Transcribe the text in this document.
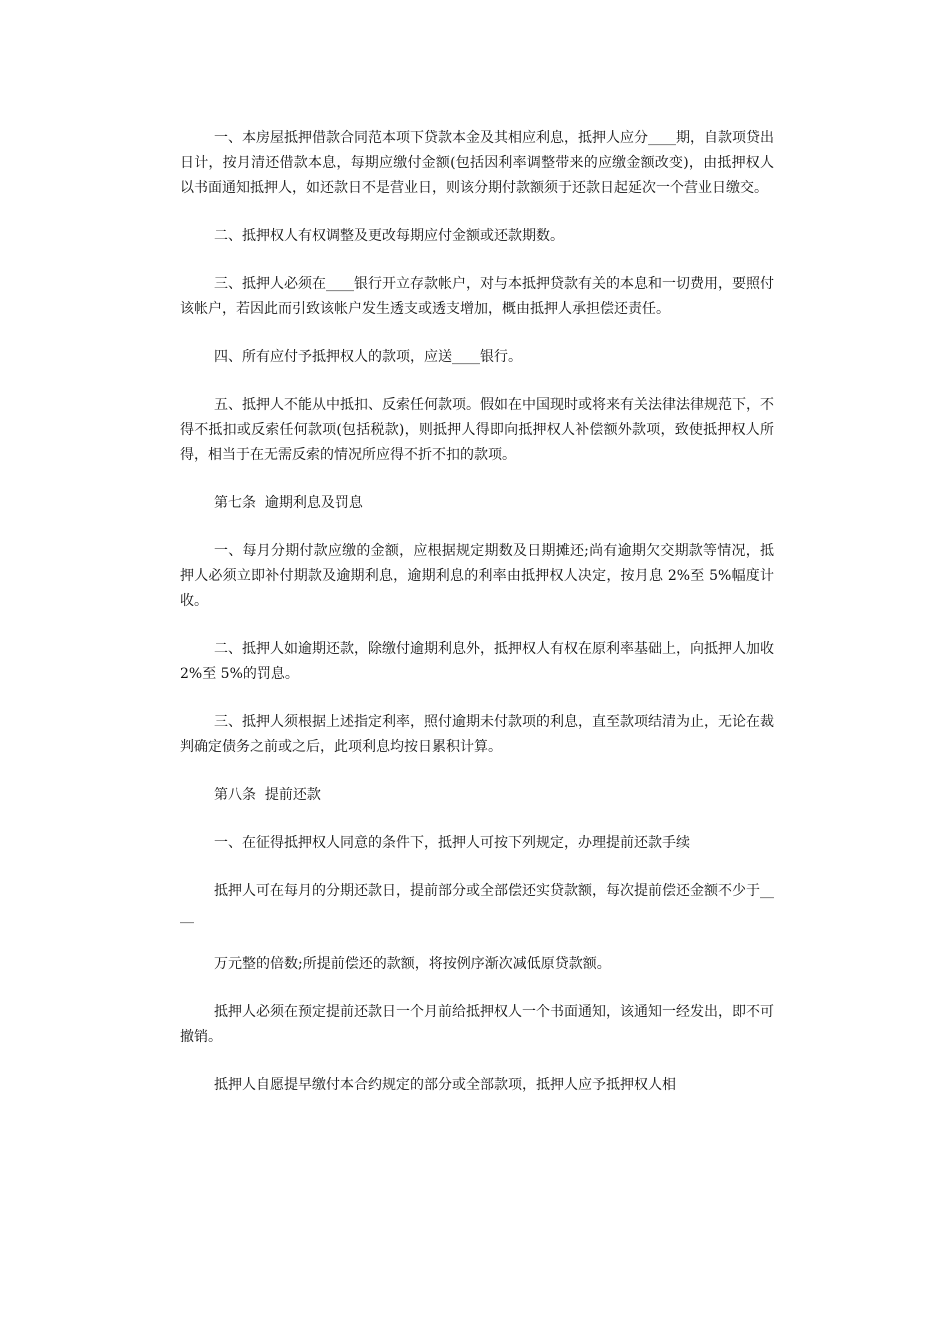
一、本房屋抵押借款合同范本项下贷款本金及其相应利息，抵押人应分____期，自款项贷出日计，按月清还借款本息，每期应缴付金额(包括因利率调整带来的应缴金额改变)，由抵押权人以书面通知抵押人，如还款日不是营业日，则该分期付款额须于还款日起延次一个营业日缴交。

二、抵押权人有权调整及更改每期应付金额或还款期数。

三、抵押人必须在____银行开立存款帐户，对与本抵押贷款有关的本息和一切费用，要照付该帐户，若因此而引致该帐户发生透支或透支增加，概由抵押人承担偿还责任。

四、所有应付予抵押权人的款项，应送____银行。

五、抵押人不能从中抵扣、反索任何款项。假如在中国现时或将来有关法律法律规范下，不得不抵扣或反索任何款项(包括税款)，则抵押人得即向抵押权人补偿额外款项，致使抵押权人所得，相当于在无需反索的情况所应得不折不扣的款项。

第七条  逾期利息及罚息

一、每月分期付款应缴的金额，应根据规定期数及日期摊还;尚有逾期欠交期款等情况，抵押人必须立即补付期款及逾期利息，逾期利息的利率由抵押权人决定，按月息 2%至 5%幅度计收。

二、抵押人如逾期还款，除缴付逾期利息外，抵押权人有权在原利率基础上，向抵押人加收 2%至 5%的罚息。

三、抵押人须根据上述指定利率，照付逾期未付款项的利息，直至款项结清为止，无论在裁判确定债务之前或之后，此项利息均按日累积计算。

第八条  提前还款

一、在征得抵押权人同意的条件下，抵押人可按下列规定，办理提前还款手续

抵押人可在每月的分期还款日，提前部分或全部偿还实贷款额，每次提前偿还金额不少于____

万元整的倍数;所提前偿还的款额，将按例序渐次减低原贷款额。

抵押人必须在预定提前还款日一个月前给抵押权人一个书面通知，该通知一经发出，即不可撤销。

抵押人自愿提早缴付本合约规定的部分或全部款项，抵押人应予抵押权人相
